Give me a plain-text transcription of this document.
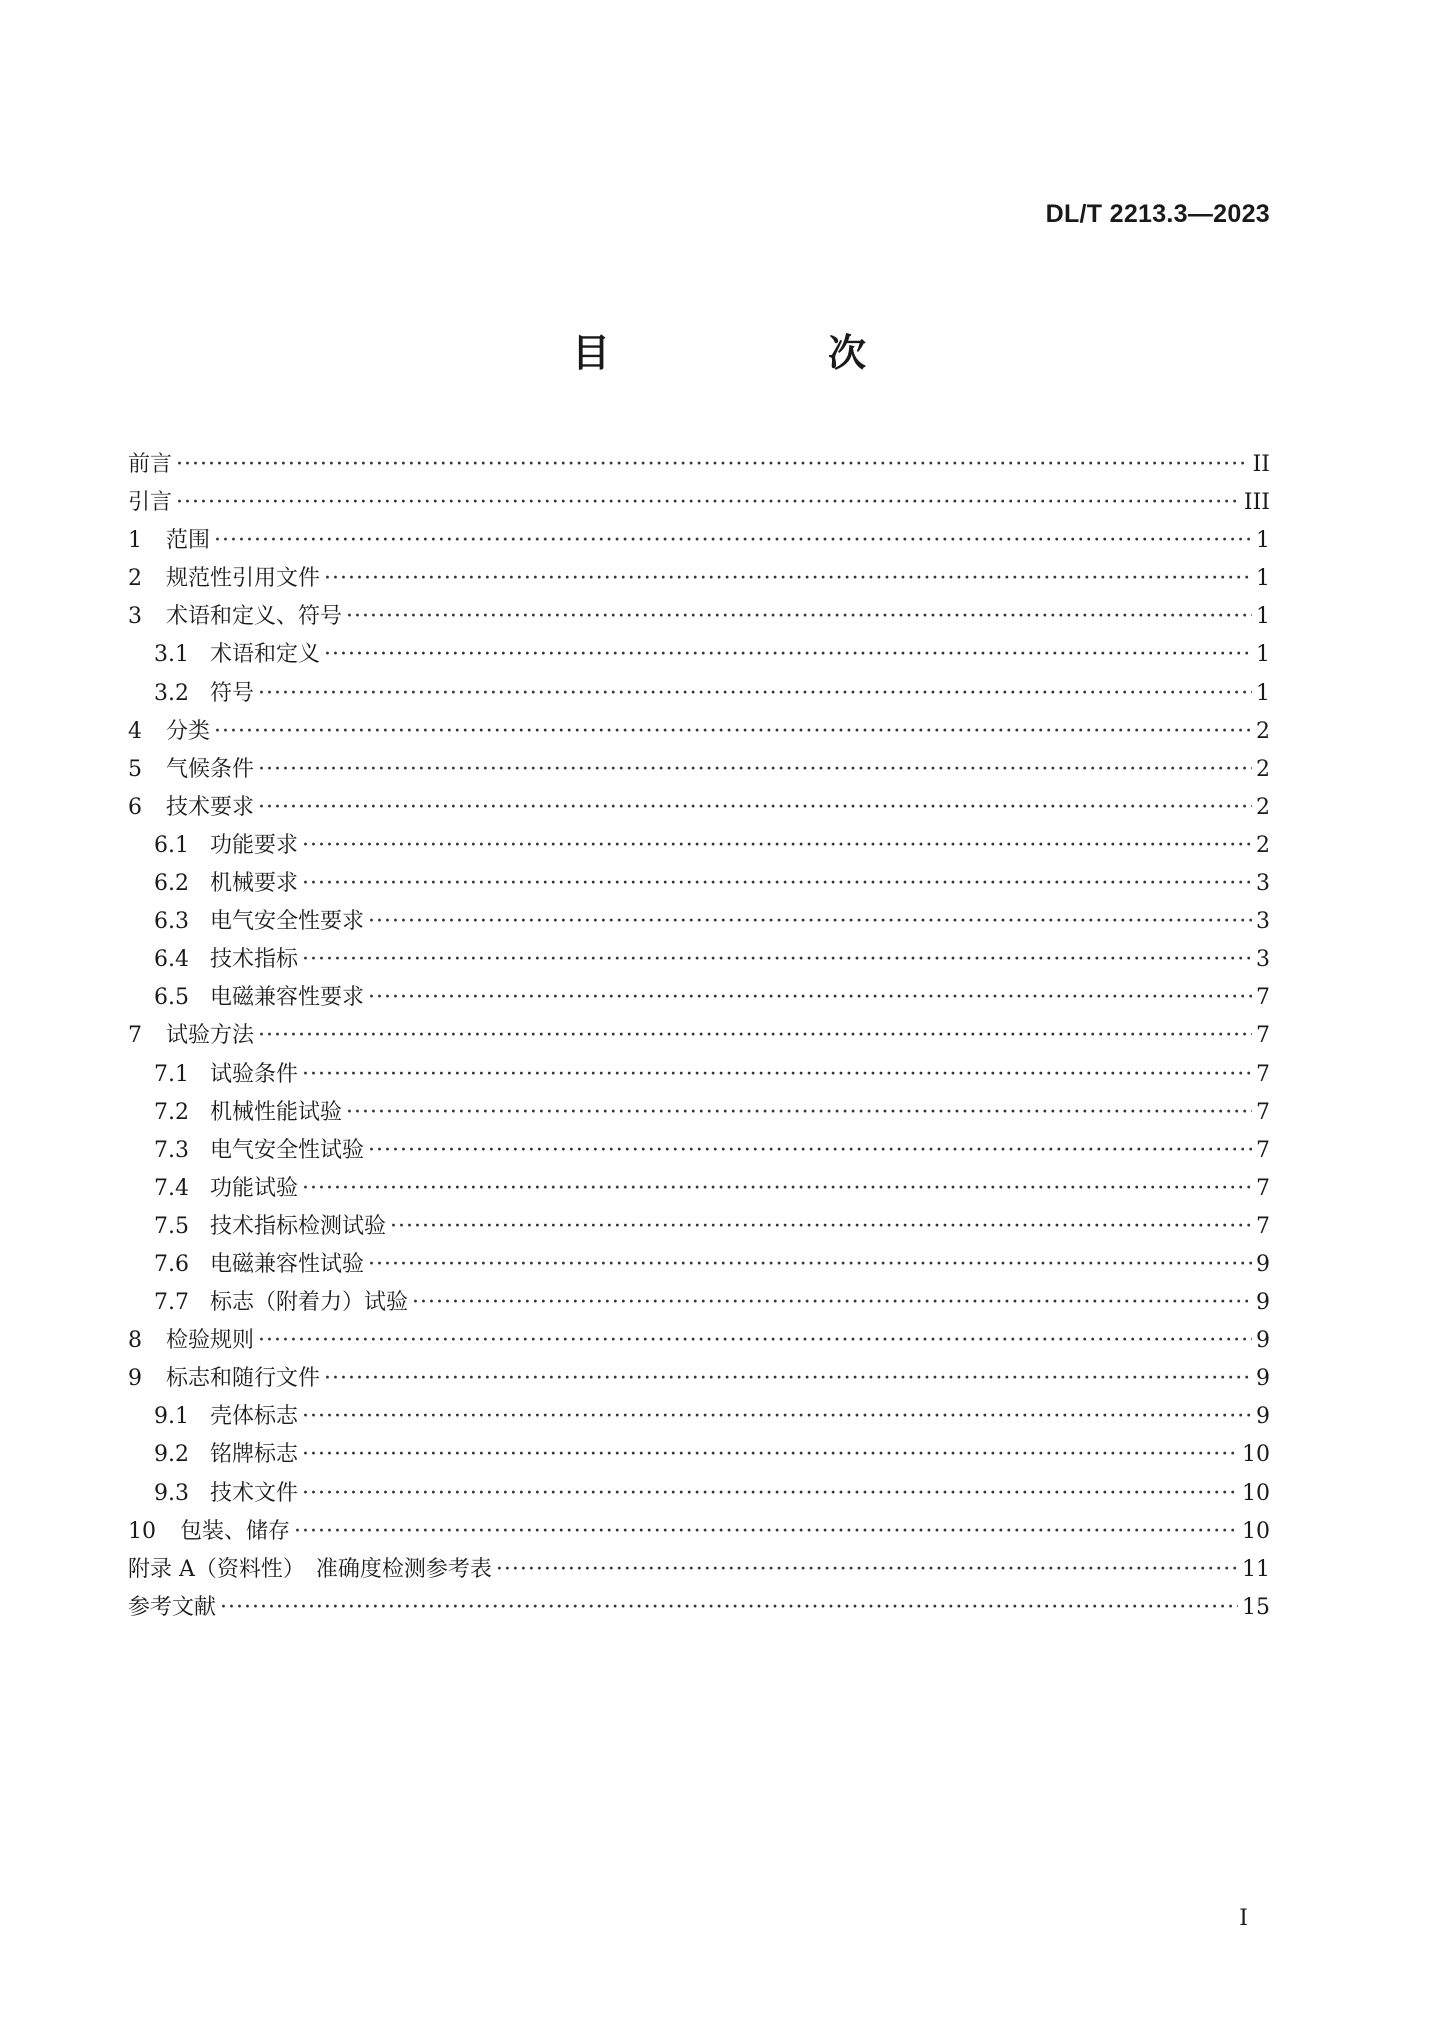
DL/T 2213.3—2023
目　次
前言 ·····	II
引言 ·····	III
1	范围 ·····	1
2	规范性引用文件 ·····	1
3	术语和定义、符号 ·····	1
3.1 术语和定义 ·····	1
3.2 符号 ·····	1
4	分类 ·····	2
5	气候条件 ·····	2
6	技术要求 ·····	2
6.1 功能要求 ·····	2
6.2 机械要求 ·····	3
6.3 电气安全性要求 ·····	3
6.4 技术指标 ·····	3
6.5 电磁兼容性要求 ·····	7
7	试验方法 ·····	7
7.1 试验条件 ·····	7
7.2 机械性能试验 ·····	7
7.3 电气安全性试验 ·····	7
7.4 功能试验 ·····	7
7.5 技术指标检测试验 ·····	7
7.6 电磁兼容性试验 ·····	9
7.7 标志（附着力）试验 ·····	9
8	检验规则 ·····	9
9	标志和随行文件 ·····	9
9.1 壳体标志 ·····	9
9.2 铭牌标志 ·····	10
9.3 技术文件 ·····	10
10	包装、储存 ·····	10
附录 A（资料性）　准确度检测参考表 ·····	11
参考文献 ·····	15
I
